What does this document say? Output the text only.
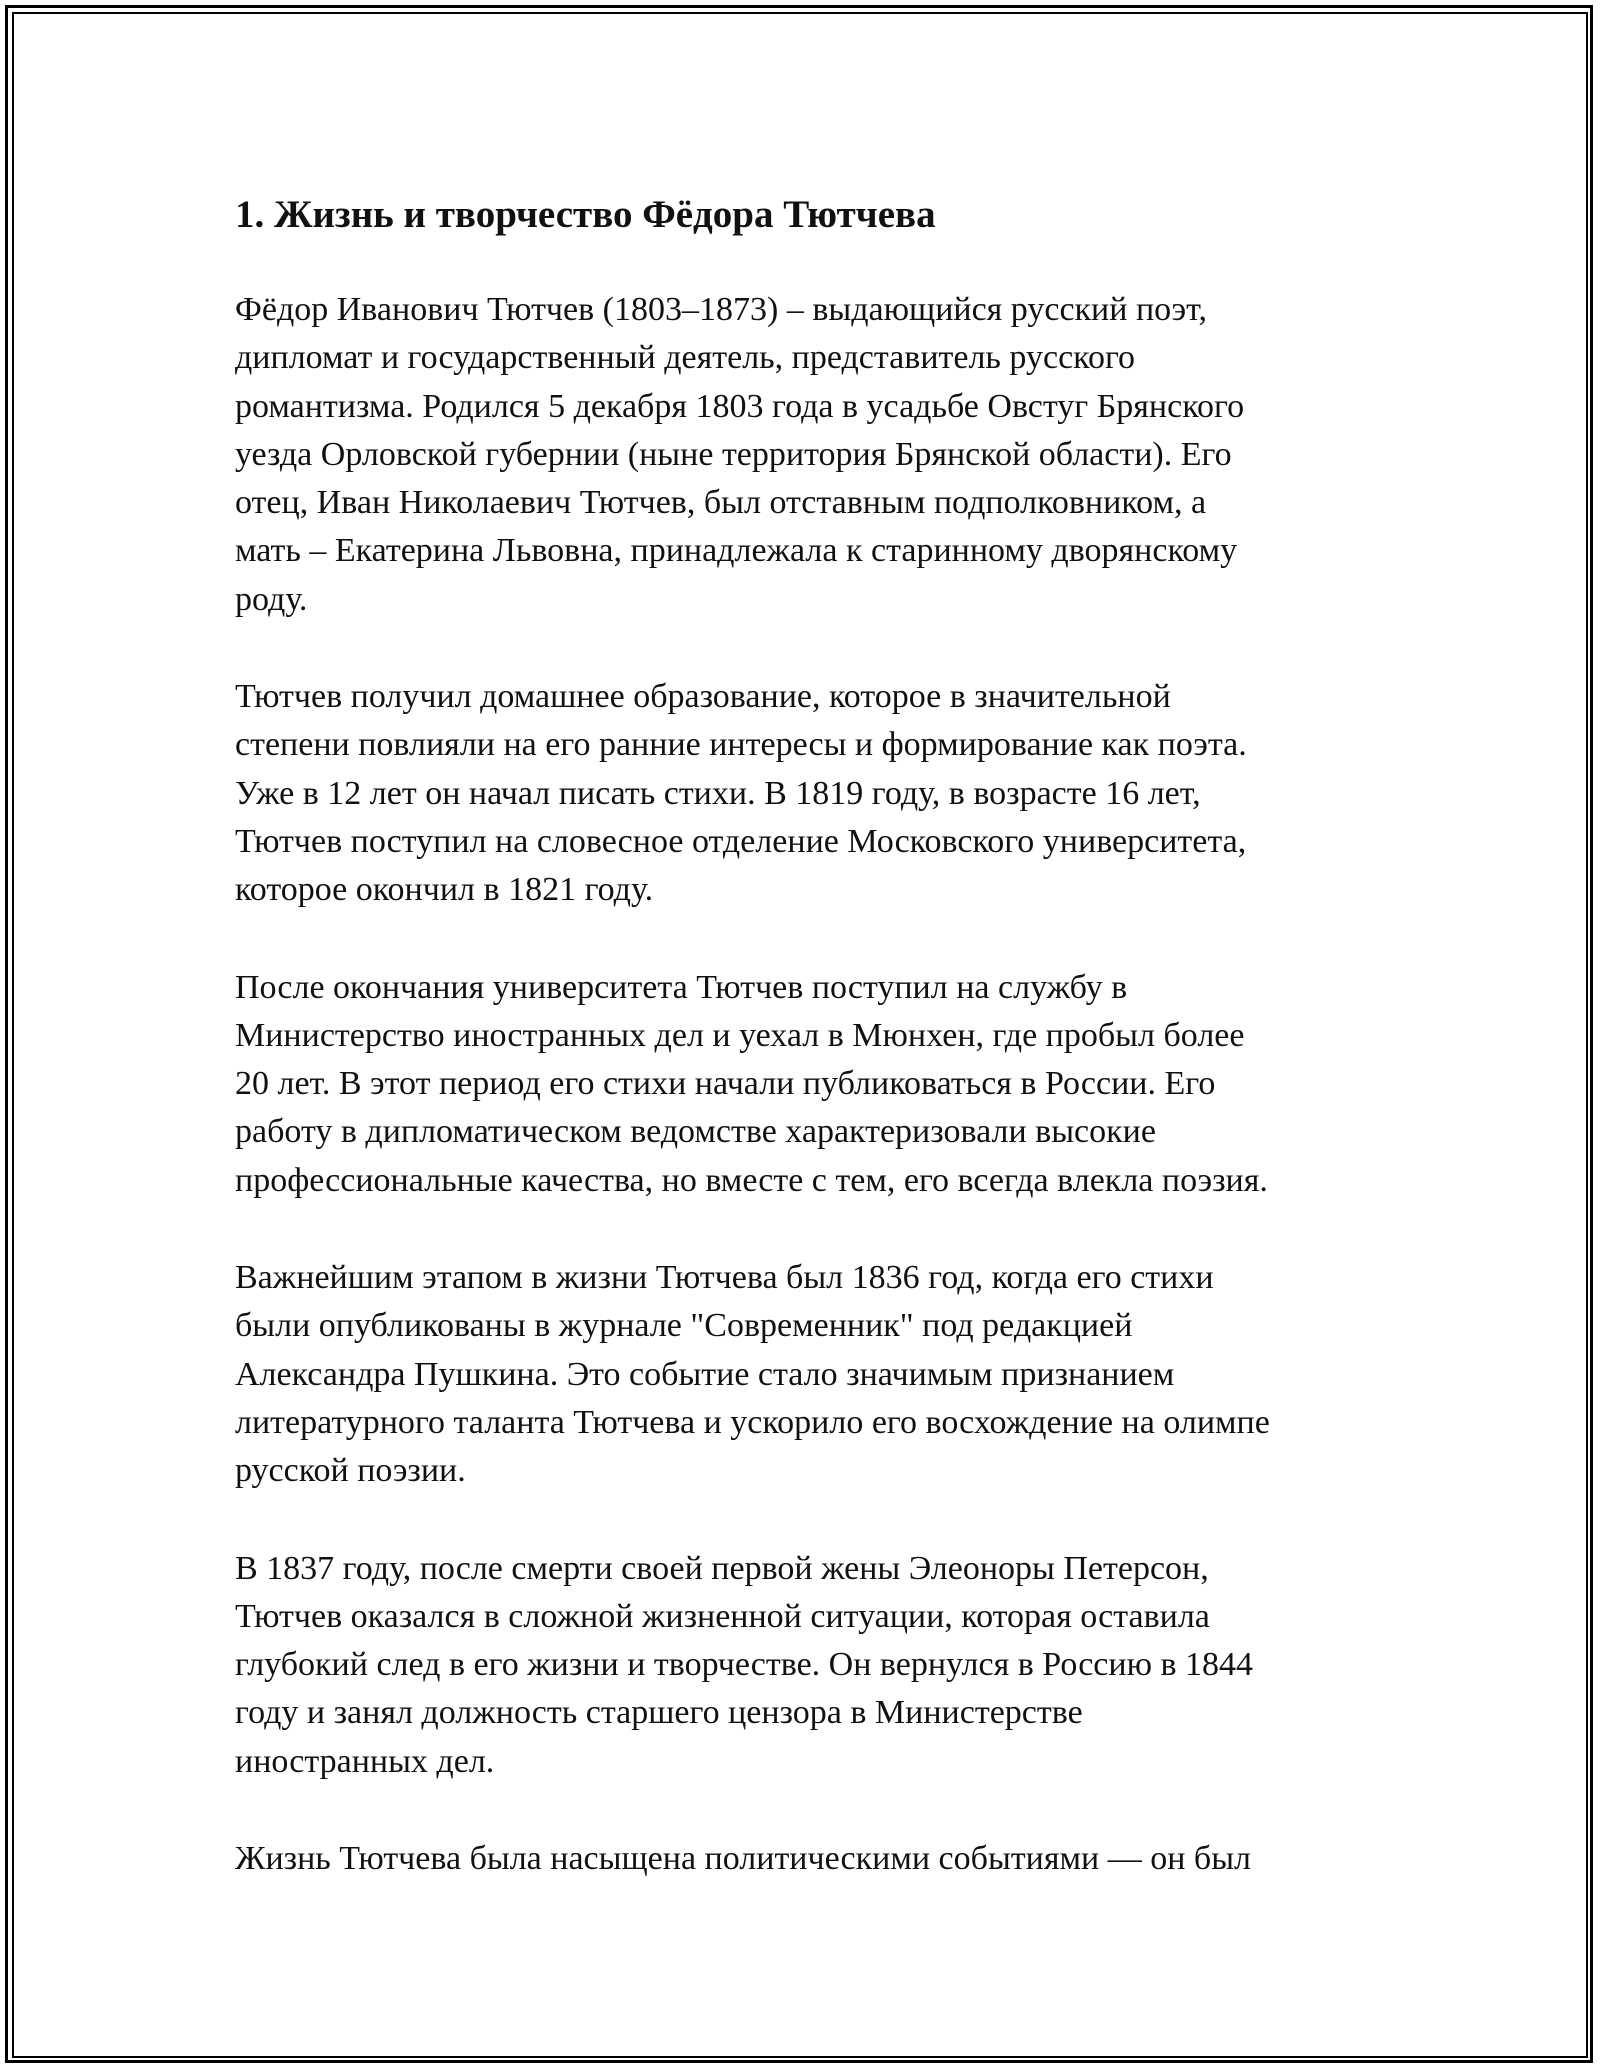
1. Жизнь и творчество Фёдора Тютчева

Фёдор Иванович Тютчев (1803–1873) – выдающийся русский поэт,
дипломат и государственный деятель, представитель русского
романтизма. Родился 5 декабря 1803 года в усадьбе Овстуг Брянского
уезда Орловской губернии (ныне территория Брянской области). Его
отец, Иван Николаевич Тютчев, был отставным подполковником, а
мать – Екатерина Львовна, принадлежала к старинному дворянскому
роду.

Тютчев получил домашнее образование, которое в значительной
степени повлияли на его ранние интересы и формирование как поэта.
Уже в 12 лет он начал писать стихи. В 1819 году, в возрасте 16 лет,
Тютчев поступил на словесное отделение Московского университета,
которое окончил в 1821 году.

После окончания университета Тютчев поступил на службу в
Министерство иностранных дел и уехал в Мюнхен, где пробыл более
20 лет. В этот период его стихи начали публиковаться в России. Его
работу в дипломатическом ведомстве характеризовали высокие
профессиональные качества, но вместе с тем, его всегда влекла поэзия.

Важнейшим этапом в жизни Тютчева был 1836 год, когда его стихи
были опубликованы в журнале "Современник" под редакцией
Александра Пушкина. Это событие стало значимым признанием
литературного таланта Тютчева и ускорило его восхождение на олимпе
русской поэзии.

В 1837 году, после смерти своей первой жены Элеоноры Петерсон,
Тютчев оказался в сложной жизненной ситуации, которая оставила
глубокий след в его жизни и творчестве. Он вернулся в Россию в 1844
году и занял должность старшего цензора в Министерстве
иностранных дел.

Жизнь Тютчева была насыщена политическими событиями — он был
